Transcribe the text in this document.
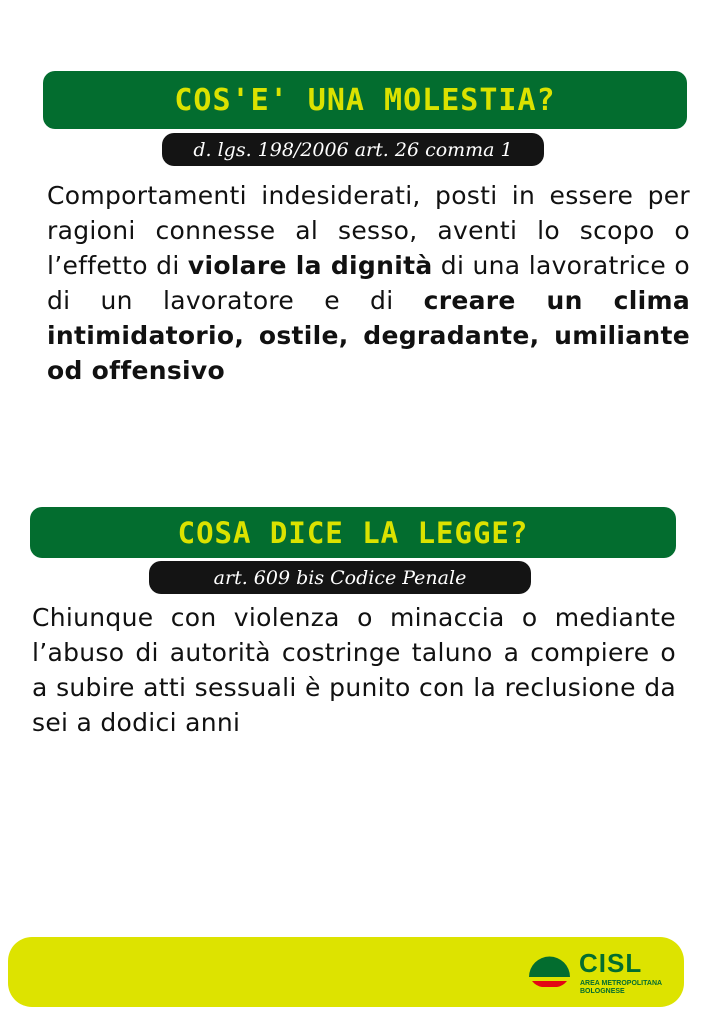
COS'E' UNA MOLESTIA?
d. lgs. 198/2006 art. 26 comma 1

Comportamenti indesiderati, posti in essere per ragioni connesse al sesso, aventi lo scopo o l’effetto di violare la dignità di una lavoratrice o di un lavoratore e di creare un clima intimidatorio, ostile, degradante, umiliante od offensivo

COSA DICE LA LEGGE?
art. 609 bis Codice Penale

Chiunque con violenza o minaccia o mediante l’abuso di autorità costringe taluno a compiere o a subire atti sessuali è punito con la reclusione da sei a dodici anni

CISL
AREA METROPOLITANA
BOLOGNESE
